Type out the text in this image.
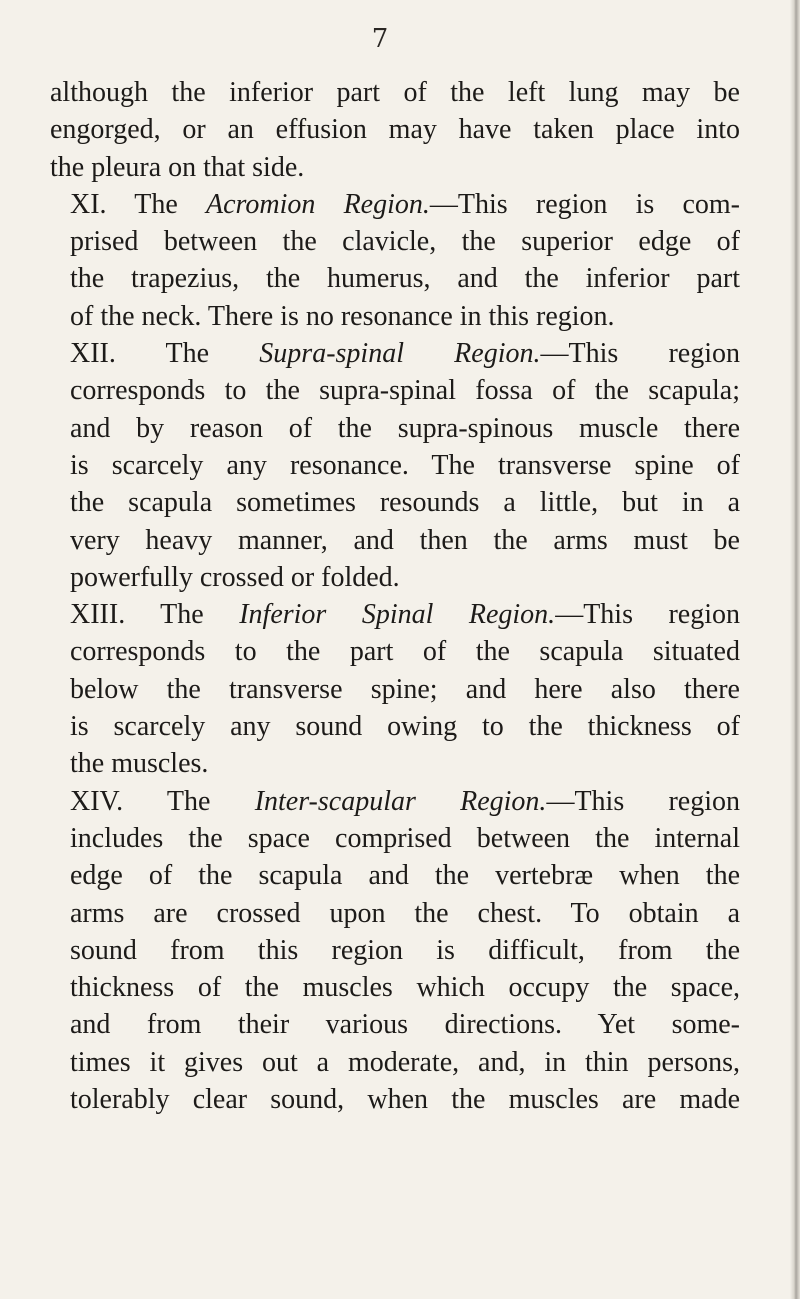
7

although the inferior part of the left lung may be
engorged, or an effusion may have taken place into
the pleura on that side.

XI. The Acromion Region.—This region is com-
prised between the clavicle, the superior edge of
the trapezius, the humerus, and the inferior part
of the neck. There is no resonance in this region.

XII. The Supra-spinal Region.—This region
corresponds to the supra-spinal fossa of the scapula;
and by reason of the supra-spinous muscle there
is scarcely any resonance. The transverse spine of
the scapula sometimes resounds a little, but in a
very heavy manner, and then the arms must be
powerfully crossed or folded.

XIII. The Inferior Spinal Region.—This region
corresponds to the part of the scapula situated
below the transverse spine; and here also there
is scarcely any sound owing to the thickness of
the muscles.

XIV. The Inter-scapular Region.—This region
includes the space comprised between the internal
edge of the scapula and the vertebræ when the
arms are crossed upon the chest. To obtain a
sound from this region is difficult, from the
thickness of the muscles which occupy the space,
and from their various directions. Yet some-
times it gives out a moderate, and, in thin persons,
tolerably clear sound, when the muscles are made
